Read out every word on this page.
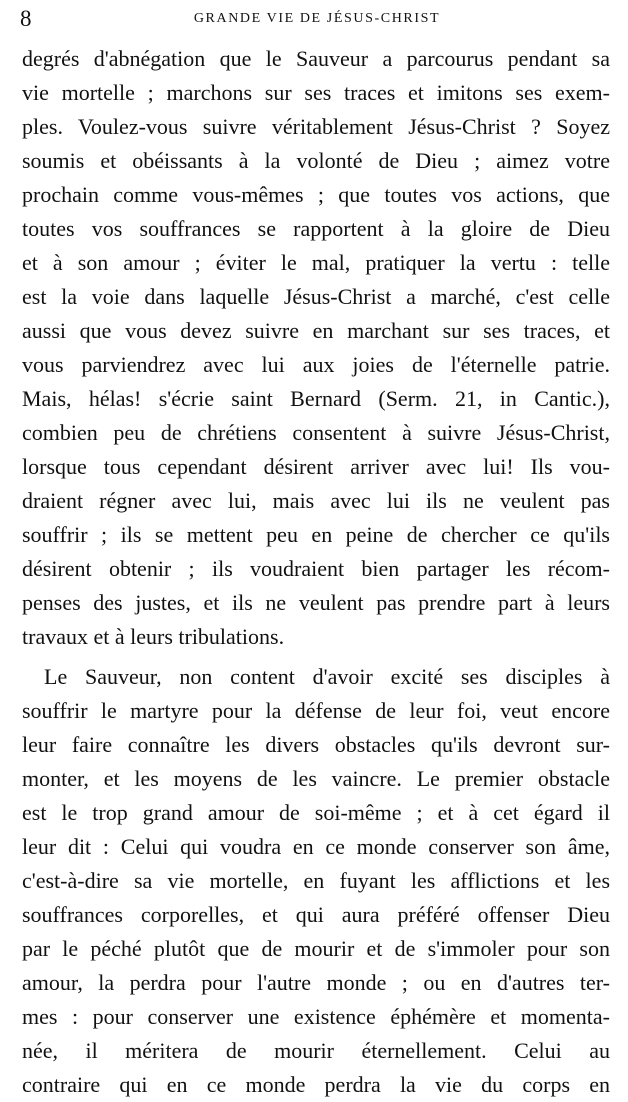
8	GRANDE VIE DE JÉSUS-CHRIST
degrés d'abnégation que le Sauveur a parcourus pendant sa
vie mortelle ; marchons sur ses traces et imitons ses exem-
ples. Voulez-vous suivre véritablement Jésus-Christ ? Soyez
soumis et obéissants à la volonté de Dieu ; aimez votre
prochain comme vous-mêmes ; que toutes vos actions, que
toutes vos souffrances se rapportent à la gloire de Dieu
et à son amour ; éviter le mal, pratiquer la vertu : telle
est la voie dans laquelle Jésus-Christ a marché, c'est celle
aussi que vous devez suivre en marchant sur ses traces, et
vous parviendrez avec lui aux joies de l'éternelle patrie.
Mais, hélas! s'écrie saint Bernard (Serm. 21, in Cantic.),
combien peu de chrétiens consentent à suivre Jésus-Christ,
lorsque tous cependant désirent arriver avec lui! Ils vou-
draient régner avec lui, mais avec lui ils ne veulent pas
souffrir ; ils se mettent peu en peine de chercher ce qu'ils
désirent obtenir ; ils voudraient bien partager les récom-
penses des justes, et ils ne veulent pas prendre part à leurs
travaux et à leurs tribulations.
Le Sauveur, non content d'avoir excité ses disciples à
souffrir le martyre pour la défense de leur foi, veut encore
leur faire connaître les divers obstacles qu'ils devront sur-
monter, et les moyens de les vaincre. Le premier obstacle
est le trop grand amour de soi-même ; et à cet égard il
leur dit : Celui qui voudra en ce monde conserver son âme,
c'est-à-dire sa vie mortelle, en fuyant les afflictions et les
souffrances corporelles, et qui aura préféré offenser Dieu
par le péché plutôt que de mourir et de s'immoler pour son
amour, la perdra pour l'autre monde ; ou en d'autres ter-
mes : pour conserver une existence éphémère et momenta-
née, il méritera de mourir éternellement. Celui au
contraire qui en ce monde perdra la vie du corps en
